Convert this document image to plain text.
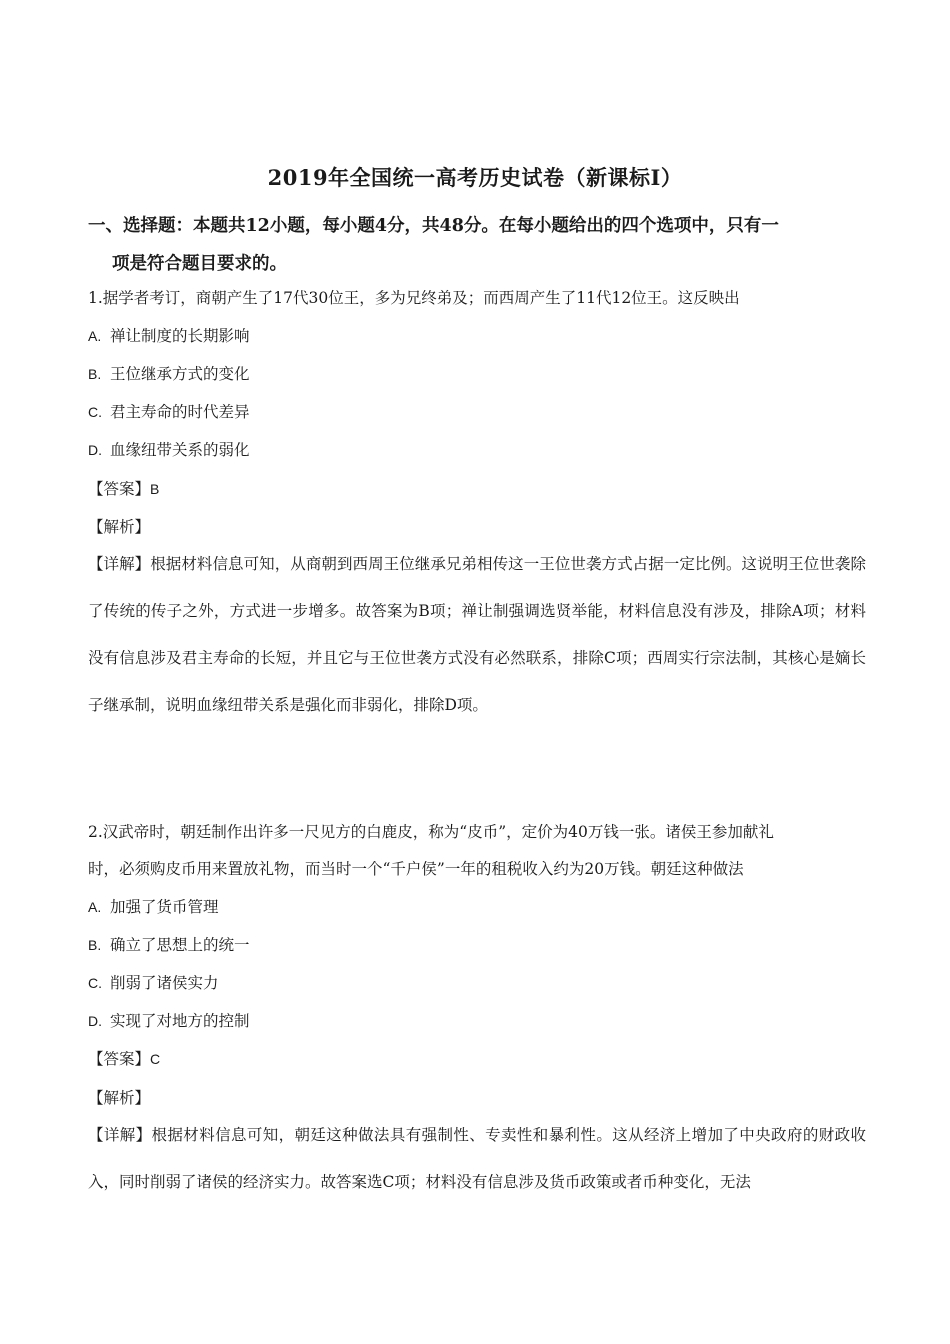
2019年全国统一高考历史试卷（新课标Ⅰ）
一、选择题：本题共12小题，每小题4分，共48分。在每小题给出的四个选项中，只有一
项是符合题目要求的。
1.据学者考订，商朝产生了17代30位王，多为兄终弟及；而西周产生了11代12位王。这反映出
A. 禅让制度的长期影响
B. 王位继承方式的变化
C. 君主寿命的时代差异
D. 血缘纽带关系的弱化
【答案】B
【解析】
【详解】根据材料信息可知，从商朝到西周王位继承兄弟相传这一王位世袭方式占据一定比例。这说明王位世袭除了传统的传子之外，方式进一步增多。故答案为B项；禅让制强调选贤举能，材料信息没有涉及，排除A项；材料没有信息涉及君主寿命的长短，并且它与王位世袭方式没有必然联系，排除C项；西周实行宗法制，其核心是嫡长子继承制，说明血缘纽带关系是强化而非弱化，排除D项。
2.汉武帝时，朝廷制作出许多一尺见方的白鹿皮，称为“皮币”，定价为40万钱一张。诸侯王参加献礼
时，必须购皮币用来置放礼物，而当时一个“千户侯”一年的租税收入约为20万钱。朝廷这种做法
A. 加强了货币管理
B. 确立了思想上的统一
C. 削弱了诸侯实力
D. 实现了对地方的控制
【答案】C
【解析】
【详解】根据材料信息可知，朝廷这种做法具有强制性、专卖性和暴利性。这从经济上增加了中央政府的财政收入，同时削弱了诸侯的经济实力。故答案选C项；材料没有信息涉及货币政策或者币种变化，无法
